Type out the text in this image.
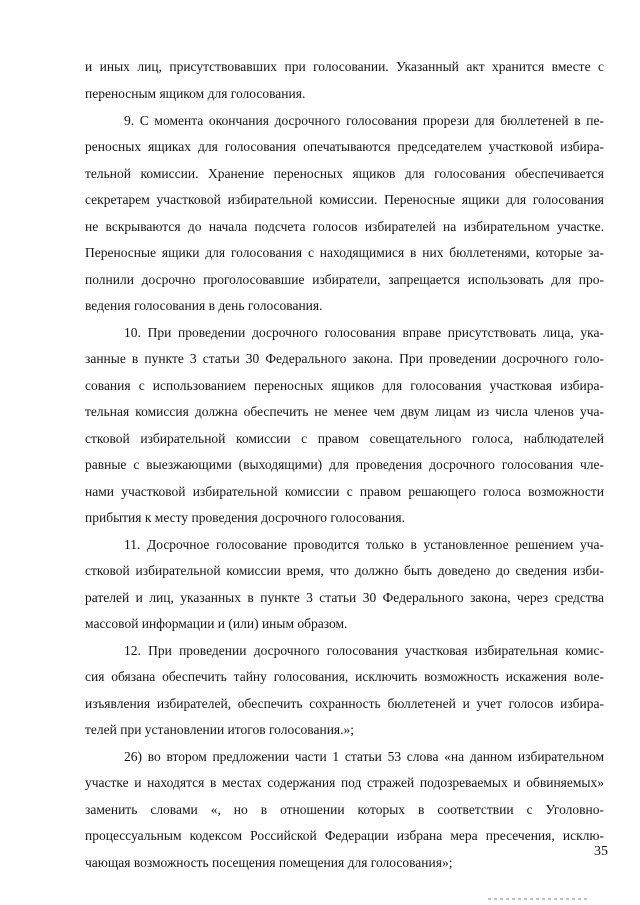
и иных лиц, присутствовавших при голосовании. Указанный акт хранится вместе с
переносным ящиком для голосования.
9. С момента окончания досрочного голосования прорези для бюллетеней в пе-
реносных ящиках для голосования опечатываются председателем участковой избира-
тельной комиссии. Хранение переносных ящиков для голосования обеспечивается
секретарем участковой избирательной комиссии. Переносные ящики для голосования
не вскрываются до начала подсчета голосов избирателей на избирательном участке.
Переносные ящики для голосования с находящимися в них бюллетенями, которые за-
полнили досрочно проголосовавшие избиратели, запрещается использовать для про-
ведения голосования в день голосования.
10. При проведении досрочного голосования вправе присутствовать лица, ука-
занные в пункте 3 статьи 30 Федерального закона. При проведении досрочного голо-
сования с использованием переносных ящиков для голосования участковая избира-
тельная комиссия должна обеспечить не менее чем двум лицам из числа членов уча-
стковой избирательной комиссии с правом совещательного голоса, наблюдателей
равные с выезжающими (выходящими) для проведения досрочного голосования чле-
нами участковой избирательной комиссии с правом решающего голоса возможности
прибытия к месту проведения досрочного голосования.
11. Досрочное голосование проводится только в установленное решением уча-
стковой избирательной комиссии время, что должно быть доведено до сведения изби-
рателей и лиц, указанных в пункте 3 статьи 30 Федерального закона, через средства
массовой информации и (или) иным образом.
12. При проведении досрочного голосования участковая избирательная комис-
сия обязана обеспечить тайну голосования, исключить возможность искажения воле-
изъявления избирателей, обеспечить сохранность бюллетеней и учет голосов избира-
телей при установлении итогов голосования.»;
26) во втором предложении части 1 статьи 53 слова «на данном избирательном
участке и находятся в местах содержания под стражей подозреваемых и обвиняемых»
заменить словами «, но в отношении которых в соответствии с Уголовно-
процессуальным кодексом Российской Федерации избрана мера пресечения, исклю-
чающая возможность посещения помещения для голосования»;
35
